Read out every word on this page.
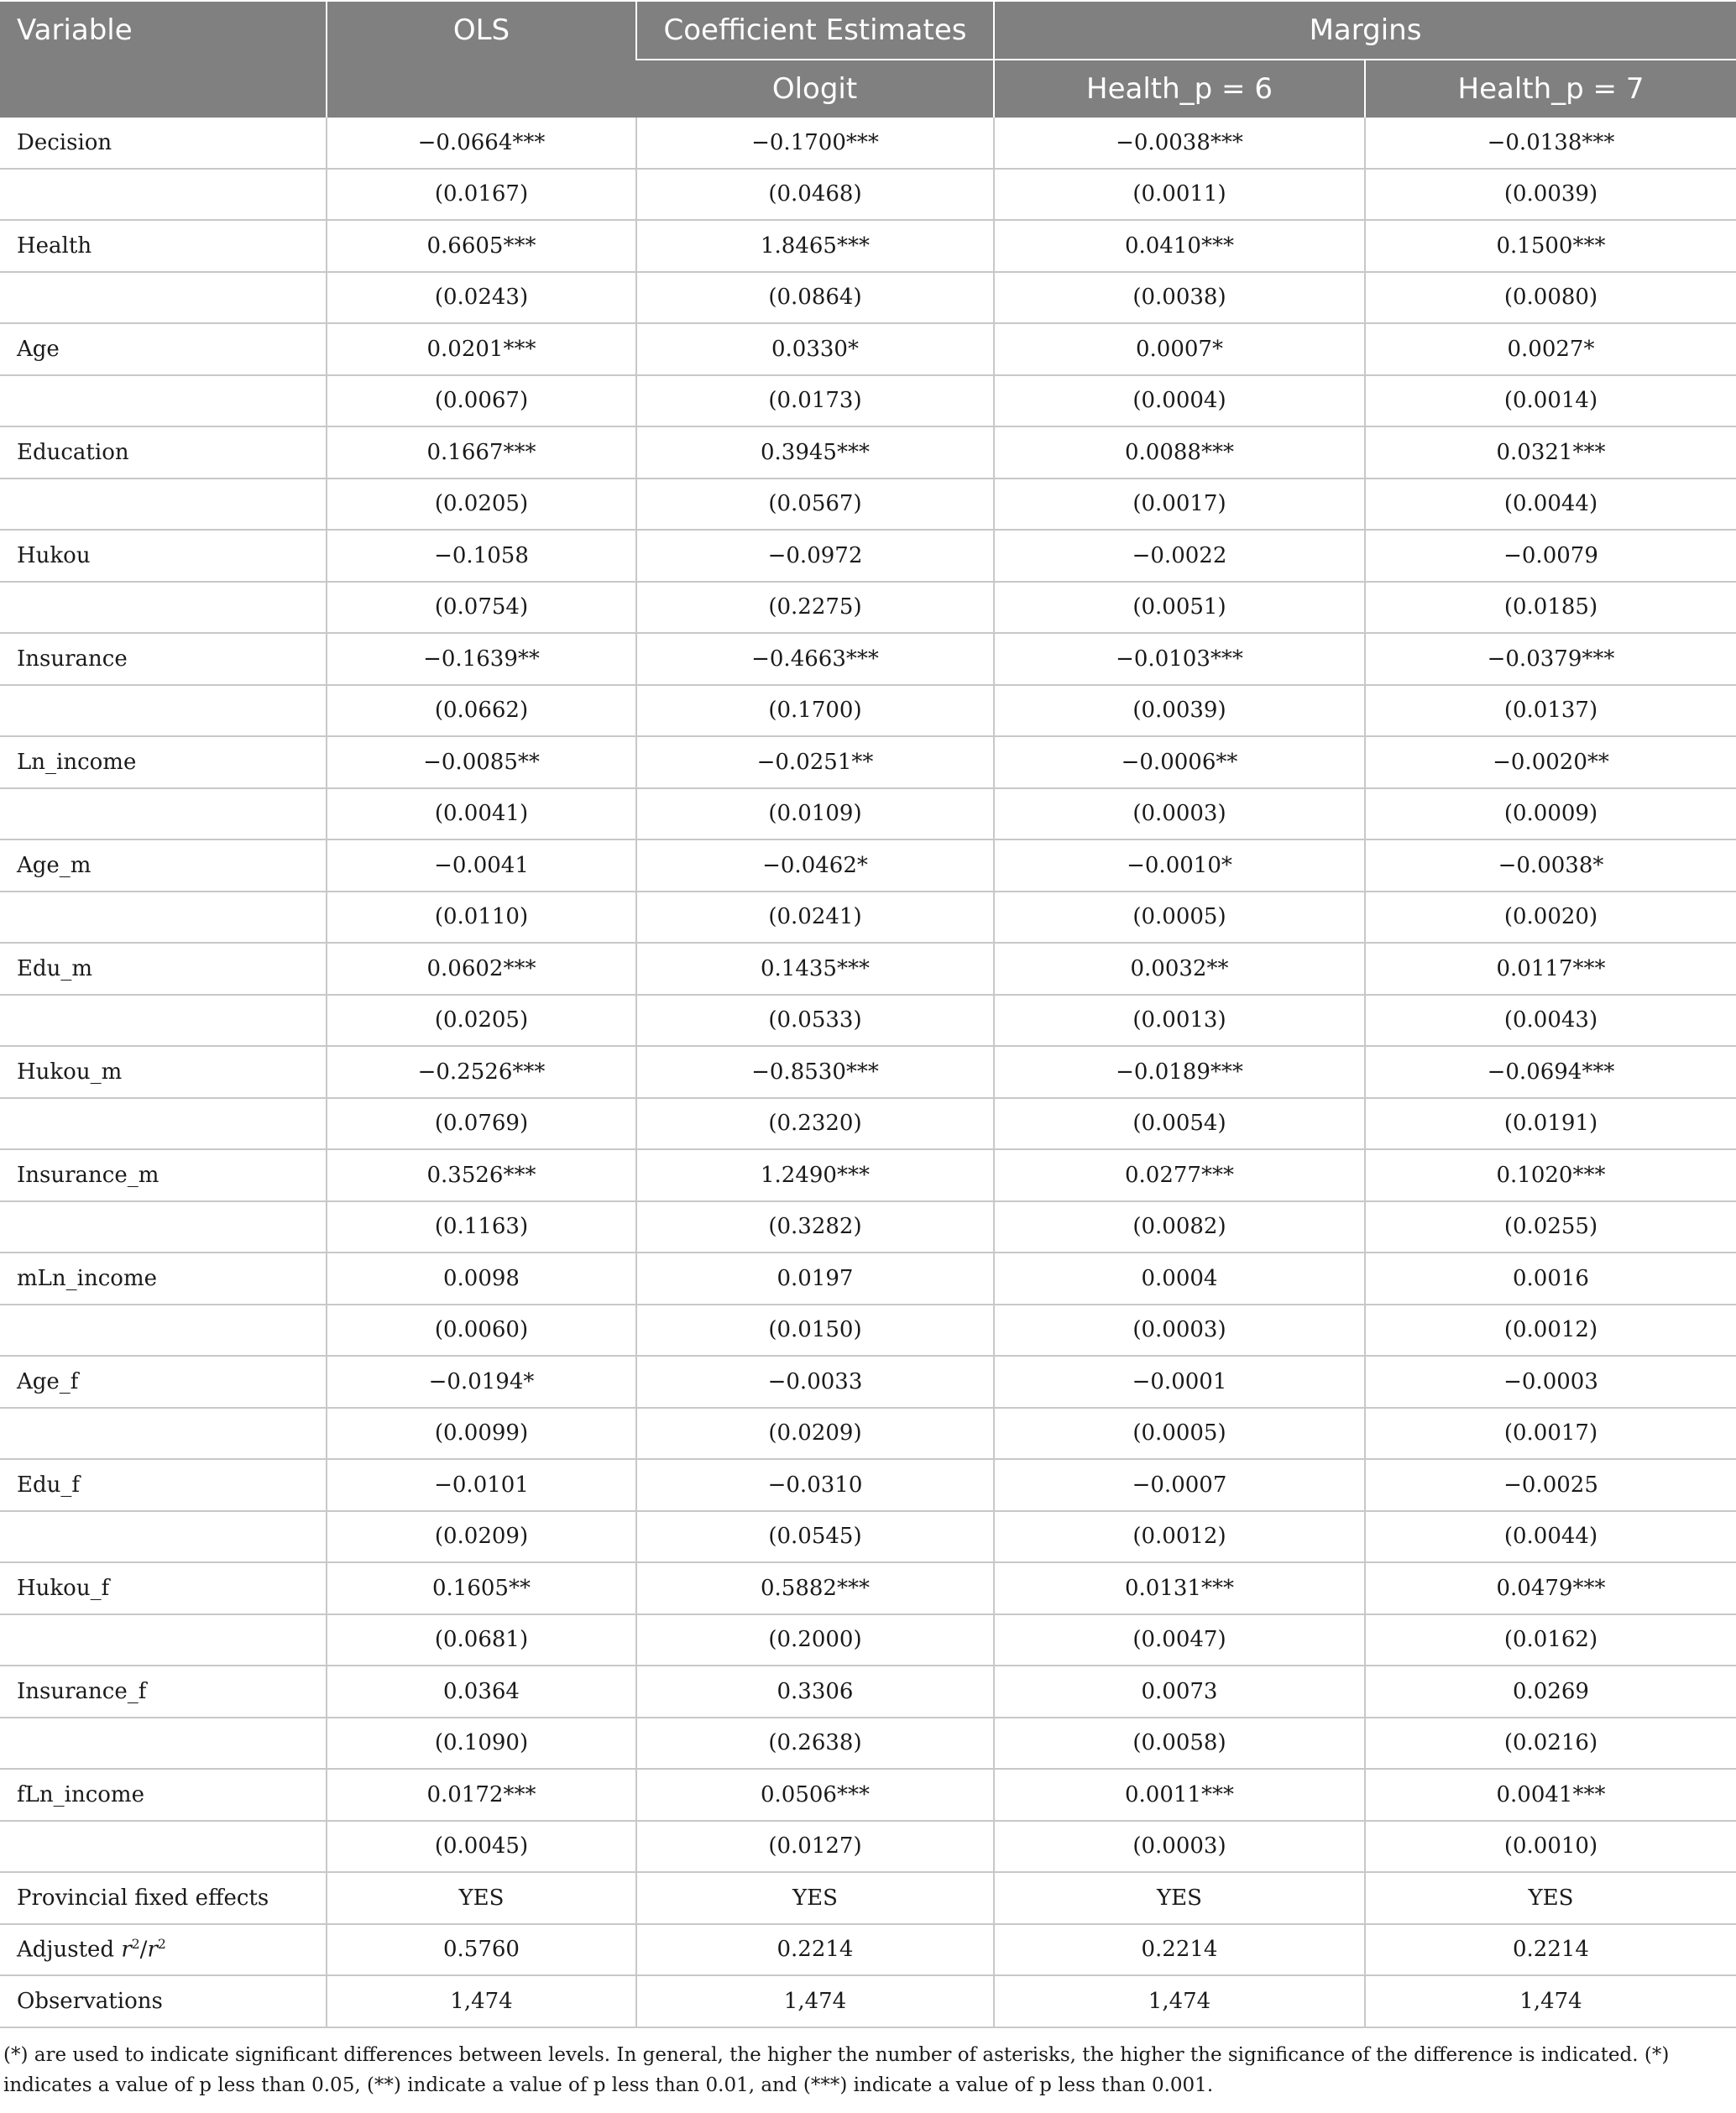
Variable	OLS	Coefficient Estimates	Margins	
		Ologit	Health_p = 6	Health_p = 7
Decision	−0.0664***	−0.1700***	−0.0038***	−0.0138***
	(0.0167)	(0.0468)	(0.0011)	(0.0039)
Health	0.6605***	1.8465***	0.0410***	0.1500***
	(0.0243)	(0.0864)	(0.0038)	(0.0080)
Age	0.0201***	0.0330*	0.0007*	0.0027*
	(0.0067)	(0.0173)	(0.0004)	(0.0014)
Education	0.1667***	0.3945***	0.0088***	0.0321***
	(0.0205)	(0.0567)	(0.0017)	(0.0044)
Hukou	−0.1058	−0.0972	−0.0022	−0.0079
	(0.0754)	(0.2275)	(0.0051)	(0.0185)
Insurance	−0.1639**	−0.4663***	−0.0103***	−0.0379***
	(0.0662)	(0.1700)	(0.0039)	(0.0137)
Ln_income	−0.0085**	−0.0251**	−0.0006**	−0.0020**
	(0.0041)	(0.0109)	(0.0003)	(0.0009)
Age_m	−0.0041	−0.0462*	−0.0010*	−0.0038*
	(0.0110)	(0.0241)	(0.0005)	(0.0020)
Edu_m	0.0602***	0.1435***	0.0032**	0.0117***
	(0.0205)	(0.0533)	(0.0013)	(0.0043)
Hukou_m	−0.2526***	−0.8530***	−0.0189***	−0.0694***
	(0.0769)	(0.2320)	(0.0054)	(0.0191)
Insurance_m	0.3526***	1.2490***	0.0277***	0.1020***
	(0.1163)	(0.3282)	(0.0082)	(0.0255)
mLn_income	0.0098	0.0197	0.0004	0.0016
	(0.0060)	(0.0150)	(0.0003)	(0.0012)
Age_f	−0.0194*	−0.0033	−0.0001	−0.0003
	(0.0099)	(0.0209)	(0.0005)	(0.0017)
Edu_f	−0.0101	−0.0310	−0.0007	−0.0025
	(0.0209)	(0.0545)	(0.0012)	(0.0044)
Hukou_f	0.1605**	0.5882***	0.0131***	0.0479***
	(0.0681)	(0.2000)	(0.0047)	(0.0162)
Insurance_f	0.0364	0.3306	0.0073	0.0269
	(0.1090)	(0.2638)	(0.0058)	(0.0216)
fLn_income	0.0172***	0.0506***	0.0011***	0.0041***
	(0.0045)	(0.0127)	(0.0003)	(0.0010)
Provincial fixed effects	YES	YES	YES	YES
Adjusted $r^2/r^2$	0.5760	0.2214	0.2214	0.2214
Observations	1,474	1,474	1,474	1,474
(*) are used to indicate significant differences between levels. In general, the higher the number of asterisks, the higher the significance of the difference is indicated. (*) indicates a value of p less than 0.05, (**) indicate a value of p less than 0.01, and (***) indicate a value of p less than 0.001.
